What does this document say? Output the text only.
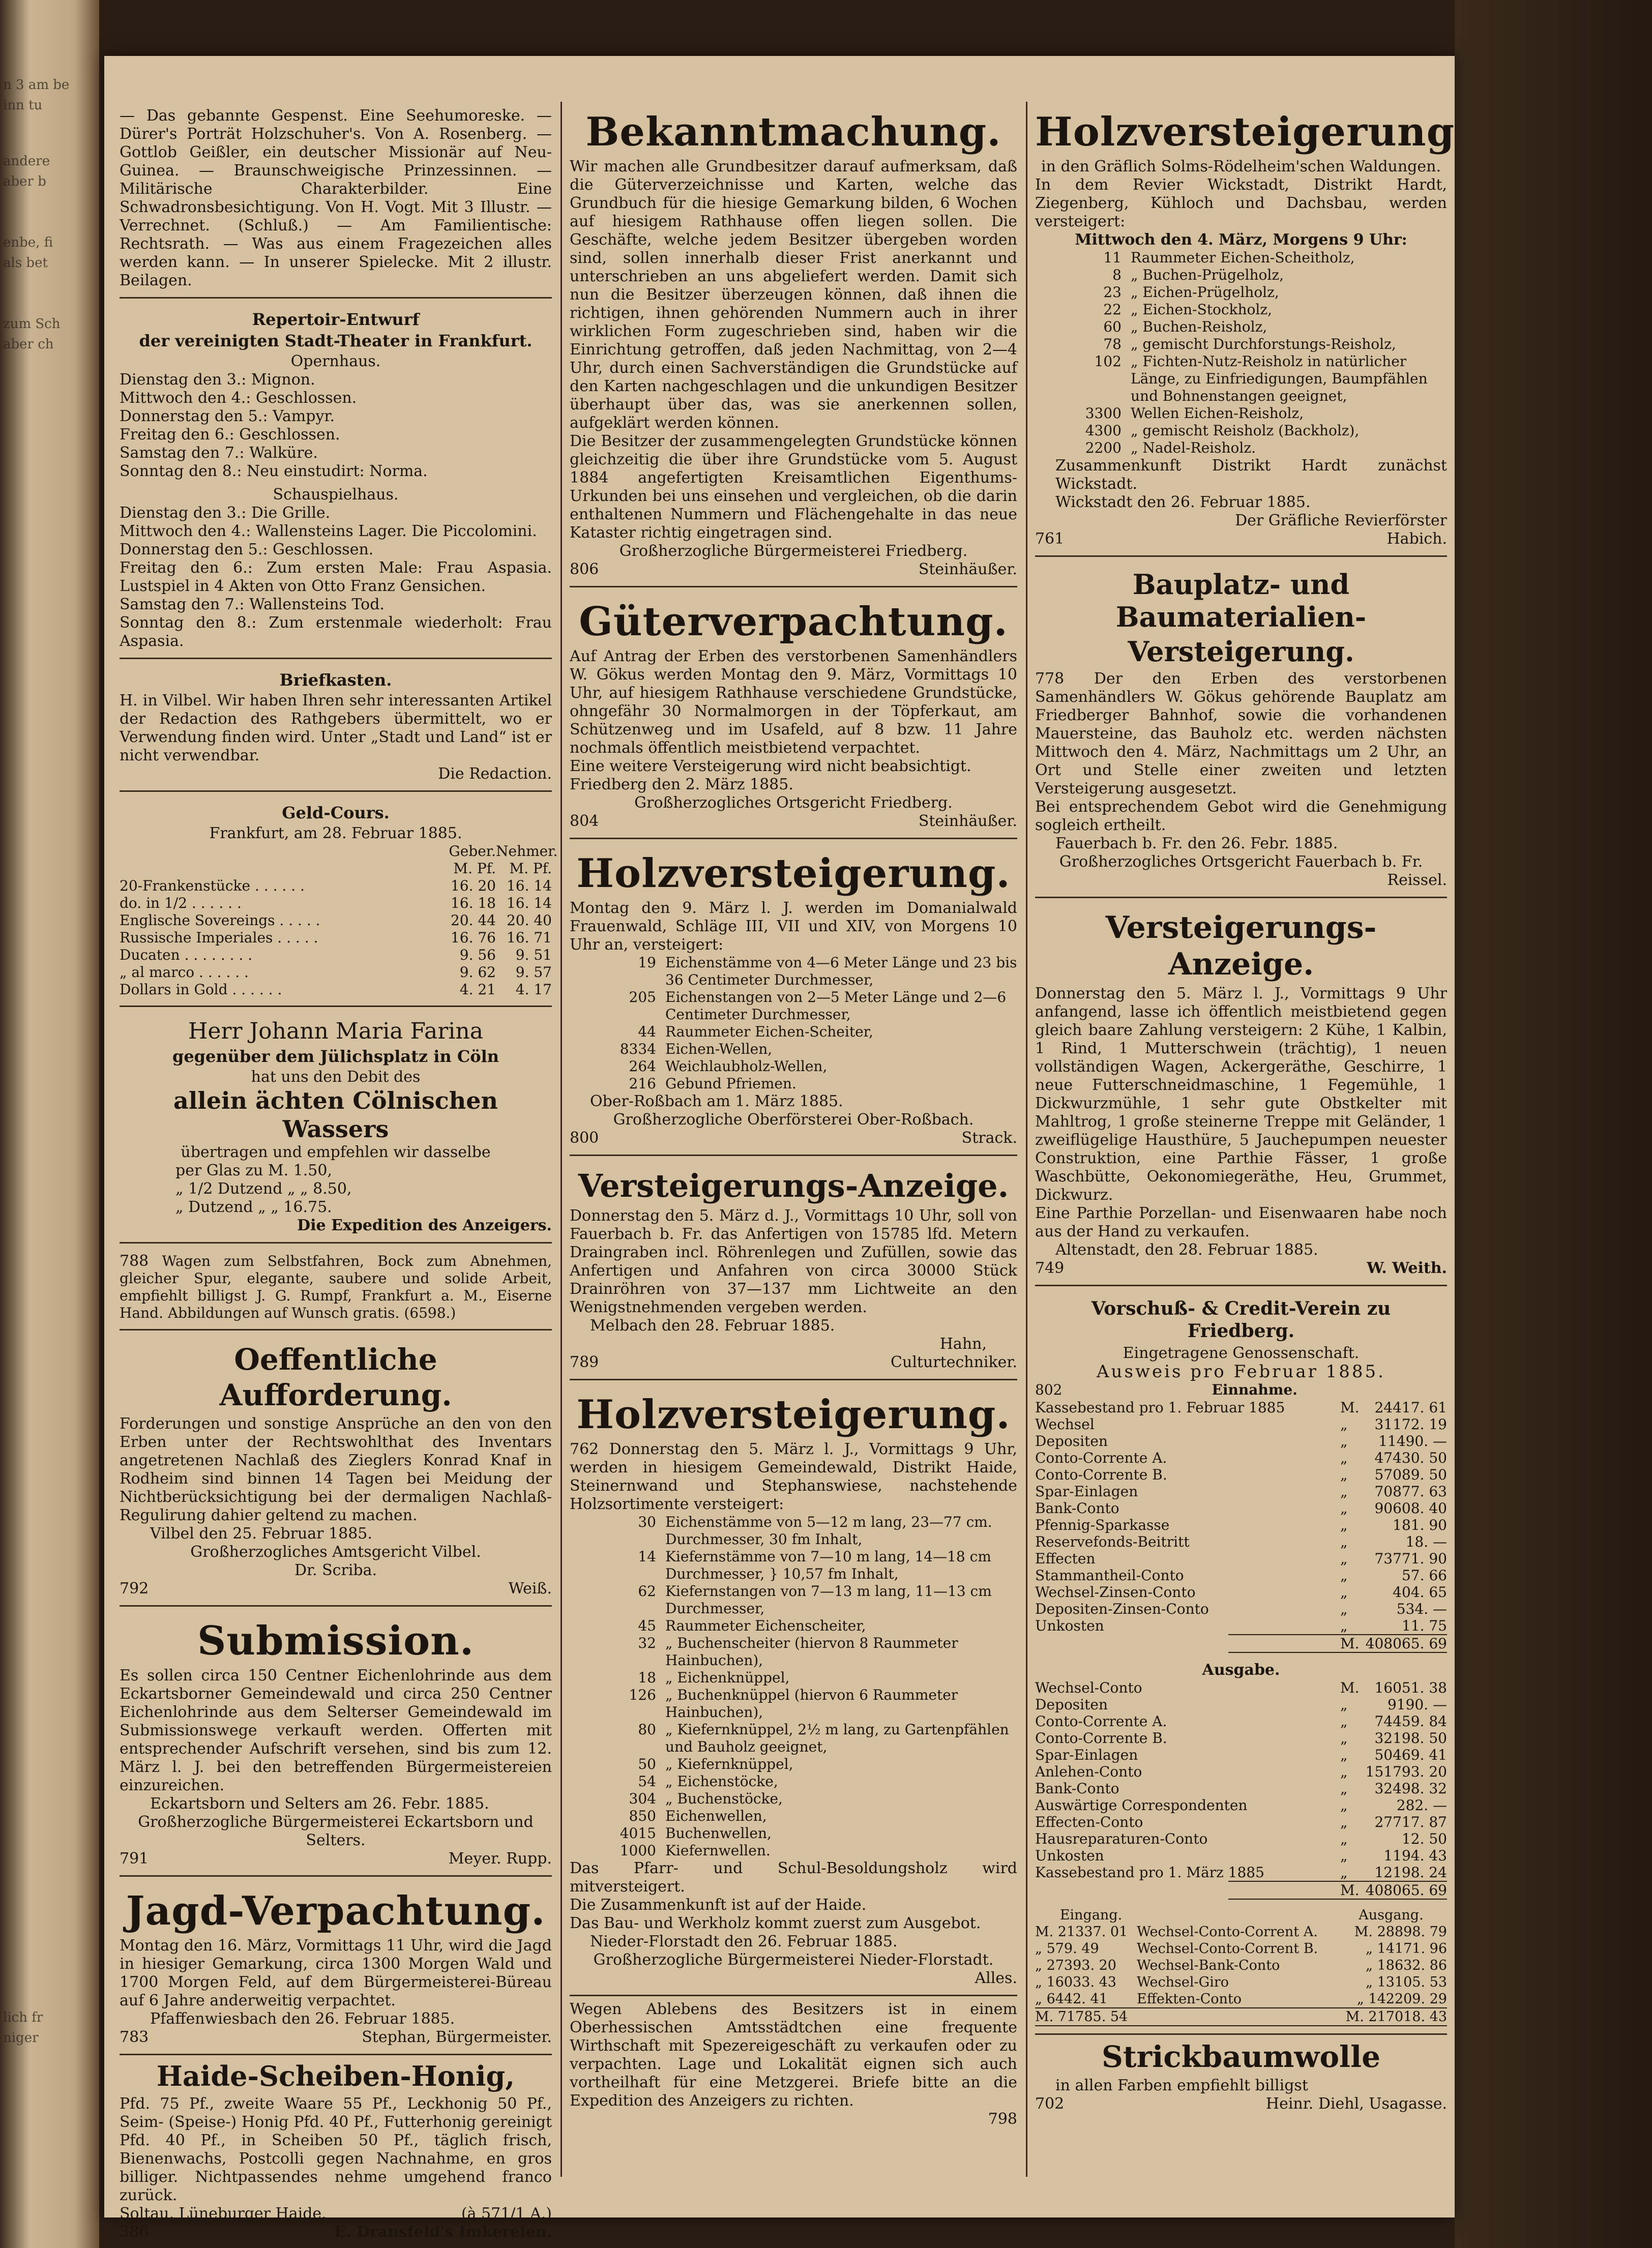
n 3 am be
inn tu
andere
aber b
enbe, fi
als bet
zum Sch
aber ch
lich fr
niger

— Das gebannte Gespenst. Eine Seehumoreske. — Dürer's Porträt Holzschuher's. Von A. Rosenberg. — Gottlob Geißler, ein deutscher Missionär auf Neu-Guinea. — Braunschweigische Prinzessinnen. — Militärische Charakterbilder. Eine Schwadronsbesichtigung. Von H. Vogt. Mit 3 Illustr. — Verrechnet. (Schluß.) — Am Familientische: Rechtsrath. — Was aus einem Fragezeichen alles werden kann. — In unserer Spielecke. Mit 2 illustr. Beilagen.

Repertoir-Entwurf
der vereinigten Stadt-Theater in Frankfurt.
Opernhaus.
Dienstag den 3.: Mignon.
Mittwoch den 4.: Geschlossen.
Donnerstag den 5.: Vampyr.
Freitag den 6.: Geschlossen.
Samstag den 7.: Walküre.
Sonntag den 8.: Neu einstudirt: Norma.
Schauspielhaus.
Dienstag den 3.: Die Grille.
Mittwoch den 4.: Wallensteins Lager. Die Piccolomini.
Donnerstag den 5.: Geschlossen.
Freitag den 6.: Zum ersten Male: Frau Aspasia. Lustspiel in 4 Akten von Otto Franz Gensichen.
Samstag den 7.: Wallensteins Tod.
Sonntag den 8.: Zum erstenmale wiederholt: Frau Aspasia.
Briefkasten.

H. in Vilbel. Wir haben Ihren sehr interessanten Artikel der Redaction des Rathgebers übermittelt, wo er Verwendung finden wird. Unter „Stadt und Land“ ist er nicht verwendbar.

Die Redaction.
Geld-Cours.
Frankfurt, am 28. Februar 1885.
Geber. Nehmer.
M. Pf. M. Pf.
20-Frankenstücke . . . . . .	16. 20 16. 14
do. in 1/2 . . . . . .	16. 18 16. 14
Englische Sovereings . . . . .	20. 44 20. 40
Russische Imperiales . . . . .	16. 76 16. 71
Ducaten . . . . . . . .	9. 56	9. 51
„ al marco . . . . . .	9. 62	9. 57
Dollars in Gold . . . . . .	4. 21	4. 17
Herr Johann Maria Farina
gegenüber dem Jülichsplatz in Cöln
hat uns den Debit des
allein ächten Cölnischen Wassers
übertragen und empfehlen wir dasselbe
per Glas zu M. 1.50,
„ 1/2 Dutzend „ „ 8.50,
„ Dutzend „ „ 16.75.
Die Expedition des Anzeigers.

788 Wagen zum Selbstfahren, Bock zum Abnehmen, gleicher Spur, elegante, saubere und solide Arbeit, empfiehlt billigst J. G. Rumpf, Frankfurt a. M., Eiserne Hand. Abbildungen auf Wunsch gratis. (6598.)

Oeffentliche Aufforderung.

Forderungen und sonstige Ansprüche an den von den Erben unter der Rechtswohlthat des Inventars angetretenen Nachlaß des Zieglers Konrad Knaf in Rodheim sind binnen 14 Tagen bei Meidung der Nichtberücksichtigung bei der dermaligen Nachlaß-Regulirung dahier geltend zu machen.

Vilbel den 25. Februar 1885.
Großherzogliches Amtsgericht Vilbel.
Dr. Scriba.
792	Weiß.
Submission.

Es sollen circa 150 Centner Eichenlohrinde aus dem Eckartsborner Gemeindewald und circa 250 Centner Eichenlohrinde aus dem Selterser Gemeindewald im Submissionswege verkauft werden. Offerten mit entsprechender Aufschrift versehen, sind bis zum 12. März l. J. bei den betreffenden Bürgermeistereien einzureichen.

Eckartsborn und Selters am 26. Febr. 1885.
Großherzogliche Bürgermeisterei Eckartsborn und Selters.
791	Meyer. Rupp.
Jagd-Verpachtung.

Montag den 16. März, Vormittags 11 Uhr, wird die Jagd in hiesiger Gemarkung, circa 1300 Morgen Wald und 1700 Morgen Feld, auf dem Bürgermeisterei-Büreau auf 6 Jahre anderweitig verpachtet.

Pfaffenwiesbach den 26. Februar 1885.
783	Stephan, Bürgermeister.
Haide-Scheiben-Honig,

Pfd. 75 Pf., zweite Waare 55 Pf., Leckhonig 50 Pf., Seim- (Speise-) Honig Pfd. 40 Pf., Futterhonig gereinigt Pfd. 40 Pf., in Scheiben 50 Pf., täglich frisch, Bienenwachs, Postcolli gegen Nachnahme, en gros billiger. Nichtpassendes nehme umgehend franco zurück.

Soltau, Lüneburger Haide.	(à 571/1 A.)
386	E. Dransfeld's Imkereien.
Bekanntmachung.

Wir machen alle Grundbesitzer darauf aufmerksam, daß die Güterverzeichnisse und Karten, welche das Grundbuch für die hiesige Gemarkung bilden, 6 Wochen auf hiesigem Rathhause offen liegen sollen. Die Geschäfte, welche jedem Besitzer übergeben worden sind, sollen innerhalb dieser Frist anerkannt und unterschrieben an uns abgeliefert werden. Damit sich nun die Besitzer überzeugen können, daß ihnen die richtigen, ihnen gehörenden Nummern auch in ihrer wirklichen Form zugeschrieben sind, haben wir die Einrichtung getroffen, daß jeden Nachmittag, von 2—4 Uhr, durch einen Sachverständigen die Grundstücke auf den Karten nachgeschlagen und die unkundigen Besitzer überhaupt über das, was sie anerkennen sollen, aufgeklärt werden können.

Die Besitzer der zusammengelegten Grundstücke können gleichzeitig die über ihre Grundstücke vom 5. August 1884 angefertigten Kreisamtlichen Eigenthums-Urkunden bei uns einsehen und vergleichen, ob die darin enthaltenen Nummern und Flächengehalte in das neue Kataster richtig eingetragen sind.

Großherzogliche Bürgermeisterei Friedberg.
806	Steinhäußer.
Güterverpachtung.

Auf Antrag der Erben des verstorbenen Samenhändlers W. Gökus werden Montag den 9. März, Vormittags 10 Uhr, auf hiesigem Rathhause verschiedene Grundstücke, ohngefähr 30 Normalmorgen in der Töpferkaut, am Schützenweg und im Usafeld, auf 8 bzw. 11 Jahre nochmals öffentlich meistbietend verpachtet.

Eine weitere Versteigerung wird nicht beabsichtigt.

Friedberg den 2. März 1885.
Großherzogliches Ortsgericht Friedberg.
804	Steinhäußer.
Holzversteigerung.

Montag den 9. März l. J. werden im Domanialwald Frauenwald, Schläge III, VII und XIV, von Morgens 10 Uhr an, versteigert:

19 Eichenstämme von 4—6 Meter Länge und 23 bis 36 Centimeter Durchmesser,
205 Eichenstangen von 2—5 Meter Länge und 2—6 Centimeter Durchmesser,
44 Raummeter Eichen-Scheiter,
8334 Eichen-Wellen,
264 Weichlaubholz-Wellen,
216 Gebund Pfriemen.
Ober-Roßbach am 1. März 1885.
Großherzogliche Oberförsterei Ober-Roßbach.
800	Strack.
Versteigerungs-Anzeige.

Donnerstag den 5. März d. J., Vormittags 10 Uhr, soll von Fauerbach b. Fr. das Anfertigen von 15785 lfd. Metern Draingraben incl. Röhrenlegen und Zufüllen, sowie das Anfertigen und Anfahren von circa 30000 Stück Drainröhren von 37—137 mm Lichtweite an den Wenigstnehmenden vergeben werden.

Melbach den 28. Februar 1885.
Hahn,
789	Culturtechniker.
Holzversteigerung.

762 Donnerstag den 5. März l. J., Vormittags 9 Uhr, werden in hiesigem Gemeindewald, Distrikt Haide, Steinernwand und Stephanswiese, nachstehende Holzsortimente versteigert:

30 Eichenstämme von 5—12 m lang, 23—77 cm. Durchmesser, 30 fm Inhalt,
14 Kiefernstämme von 7—10 m lang, 14—18 cm Durchmesser, } 10,57 fm Inhalt,
62 Kiefernstangen von 7—13 m lang, 11—13 cm Durchmesser,
45 Raummeter Eichenscheiter,
32 „ Buchenscheiter (hiervon 8 Raummeter Hainbuchen),
18 „ Eichenknüppel,
126 „ Buchenknüppel (hiervon 6 Raummeter Hainbuchen),
80 „ Kiefernknüppel, 2½ m lang, zu Gartenpfählen und Bauholz geeignet,
50 „ Kiefernknüppel,
54 „ Eichenstöcke,
304 „ Buchenstöcke,
850 Eichenwellen,
4015 Buchenwellen,
1000 Kiefernwellen.

Das Pfarr- und Schul-Besoldungsholz wird mitversteigert.

Die Zusammenkunft ist auf der Haide.

Das Bau- und Werkholz kommt zuerst zum Ausgebot.

Nieder-Florstadt den 26. Februar 1885.
Großherzogliche Bürgermeisterei Nieder-Florstadt.
Alles.

Wegen Ablebens des Besitzers ist in einem Oberhessischen Amtsstädtchen eine frequente Wirthschaft mit Spezereigeschäft zu verkaufen oder zu verpachten. Lage und Lokalität eignen sich auch vortheilhaft für eine Metzgerei. Briefe bitte an die Expedition des Anzeigers zu richten.

798
Holzversteigerung
in den Gräflich Solms-Rödelheim'schen Waldungen.

In dem Revier Wickstadt, Distrikt Hardt, Ziegenberg, Kühloch und Dachsbau, werden versteigert:

Mittwoch den 4. März, Morgens 9 Uhr:
11 Raummeter Eichen-Scheitholz,
8 „ Buchen-Prügelholz,
23 „ Eichen-Prügelholz,
22 „ Eichen-Stockholz,
60 „ Buchen-Reisholz,
78 „ gemischt Durchforstungs-Reisholz,
102 „ Fichten-Nutz-Reisholz in natürlicher Länge, zu Einfriedigungen, Baumpfählen und Bohnenstangen geeignet,
3300 Wellen Eichen-Reisholz,
4300 „ gemischt Reisholz (Backholz),
2200 „ Nadel-Reisholz.
Zusammenkunft Distrikt Hardt zunächst Wickstadt.
Wickstadt den 26. Februar 1885.
Der Gräfliche Revierförster
761	Habich.
Bauplatz- und Baumaterialien-
Versteigerung.

778 Der den Erben des verstorbenen Samenhändlers W. Gökus gehörende Bauplatz am Friedberger Bahnhof, sowie die vorhandenen Mauersteine, das Bauholz etc. werden nächsten Mittwoch den 4. März, Nachmittags um 2 Uhr, an Ort und Stelle einer zweiten und letzten Versteigerung ausgesetzt.

Bei entsprechendem Gebot wird die Genehmigung sogleich ertheilt.

Fauerbach b. Fr. den 26. Febr. 1885.
Großherzogliches Ortsgericht Fauerbach b. Fr.
Reissel.
Versteigerungs-Anzeige.

Donnerstag den 5. März l. J., Vormittags 9 Uhr anfangend, lasse ich öffentlich meistbietend gegen gleich baare Zahlung versteigern: 2 Kühe, 1 Kalbin, 1 Rind, 1 Mutterschwein (trächtig), 1 neuen vollständigen Wagen, Ackergeräthe, Geschirre, 1 neue Futterschneidmaschine, 1 Fegemühle, 1 Dickwurzmühle, 1 sehr gute Obstkelter mit Mahltrog, 1 große steinerne Treppe mit Geländer, 1 zweiflügelige Hausthüre, 5 Jauchepumpen neuester Construktion, eine Parthie Fässer, 1 große Waschbütte, Oekonomiegeräthe, Heu, Grummet, Dickwurz.

Eine Parthie Porzellan- und Eisenwaaren habe noch aus der Hand zu verkaufen.

Altenstadt, den 28. Februar 1885.
749	W. Weith.
Vorschuß- & Credit-Verein zu Friedberg.
Eingetragene Genossenschaft.
Ausweis pro Februar 1885.
802	Einnahme.
Kassebestand pro 1. Februar 1885	M.	24417. 61
Wechsel	„	31172. 19
Depositen	„	11490. —
Conto-Corrente A.	„	47430. 50
Conto-Corrente B.	„	57089. 50
Spar-Einlagen	„	70877. 63
Bank-Conto	„	90608. 40
Pfennig-Sparkasse	„	181. 90
Reservefonds-Beitritt	„	18. —
Effecten	„	73771. 90
Stammantheil-Conto	„	57. 66
Wechsel-Zinsen-Conto	„	404. 65
Depositen-Zinsen-Conto	„	534. —
Unkosten	„	11. 75
M. 408065. 69
Ausgabe.
Wechsel-Conto	M.	16051. 38
Depositen	„	9190. —
Conto-Corrente A.	„	74459. 84
Conto-Corrente B.	„	32198. 50
Spar-Einlagen	„	50469. 41
Anlehen-Conto	„	151793. 20
Bank-Conto	„	32498. 32
Auswärtige Correspondenten	„	282. —
Effecten-Conto	„	27717. 87
Hausreparaturen-Conto	„	12. 50
Unkosten	„	1194. 43
Kassebestand pro 1. März 1885	„	12198. 24
M. 408065. 69
Eingang.	Ausgang.
M. 21337. 01 Wechsel-Conto-Corrent A.	M. 28898. 79
„ 579. 49	Wechsel-Conto-Corrent B.	„ 14171. 96
„ 27393. 20	Wechsel-Bank-Conto	„ 18632. 86
„ 16033. 43	Wechsel-Giro	„ 13105. 53
„ 6442. 41	Effekten-Conto	„ 142209. 29
M. 71785. 54	M. 217018. 43
Strickbaumwolle
in allen Farben empfiehlt billigst
702	Heinr. Diehl, Usagasse.
